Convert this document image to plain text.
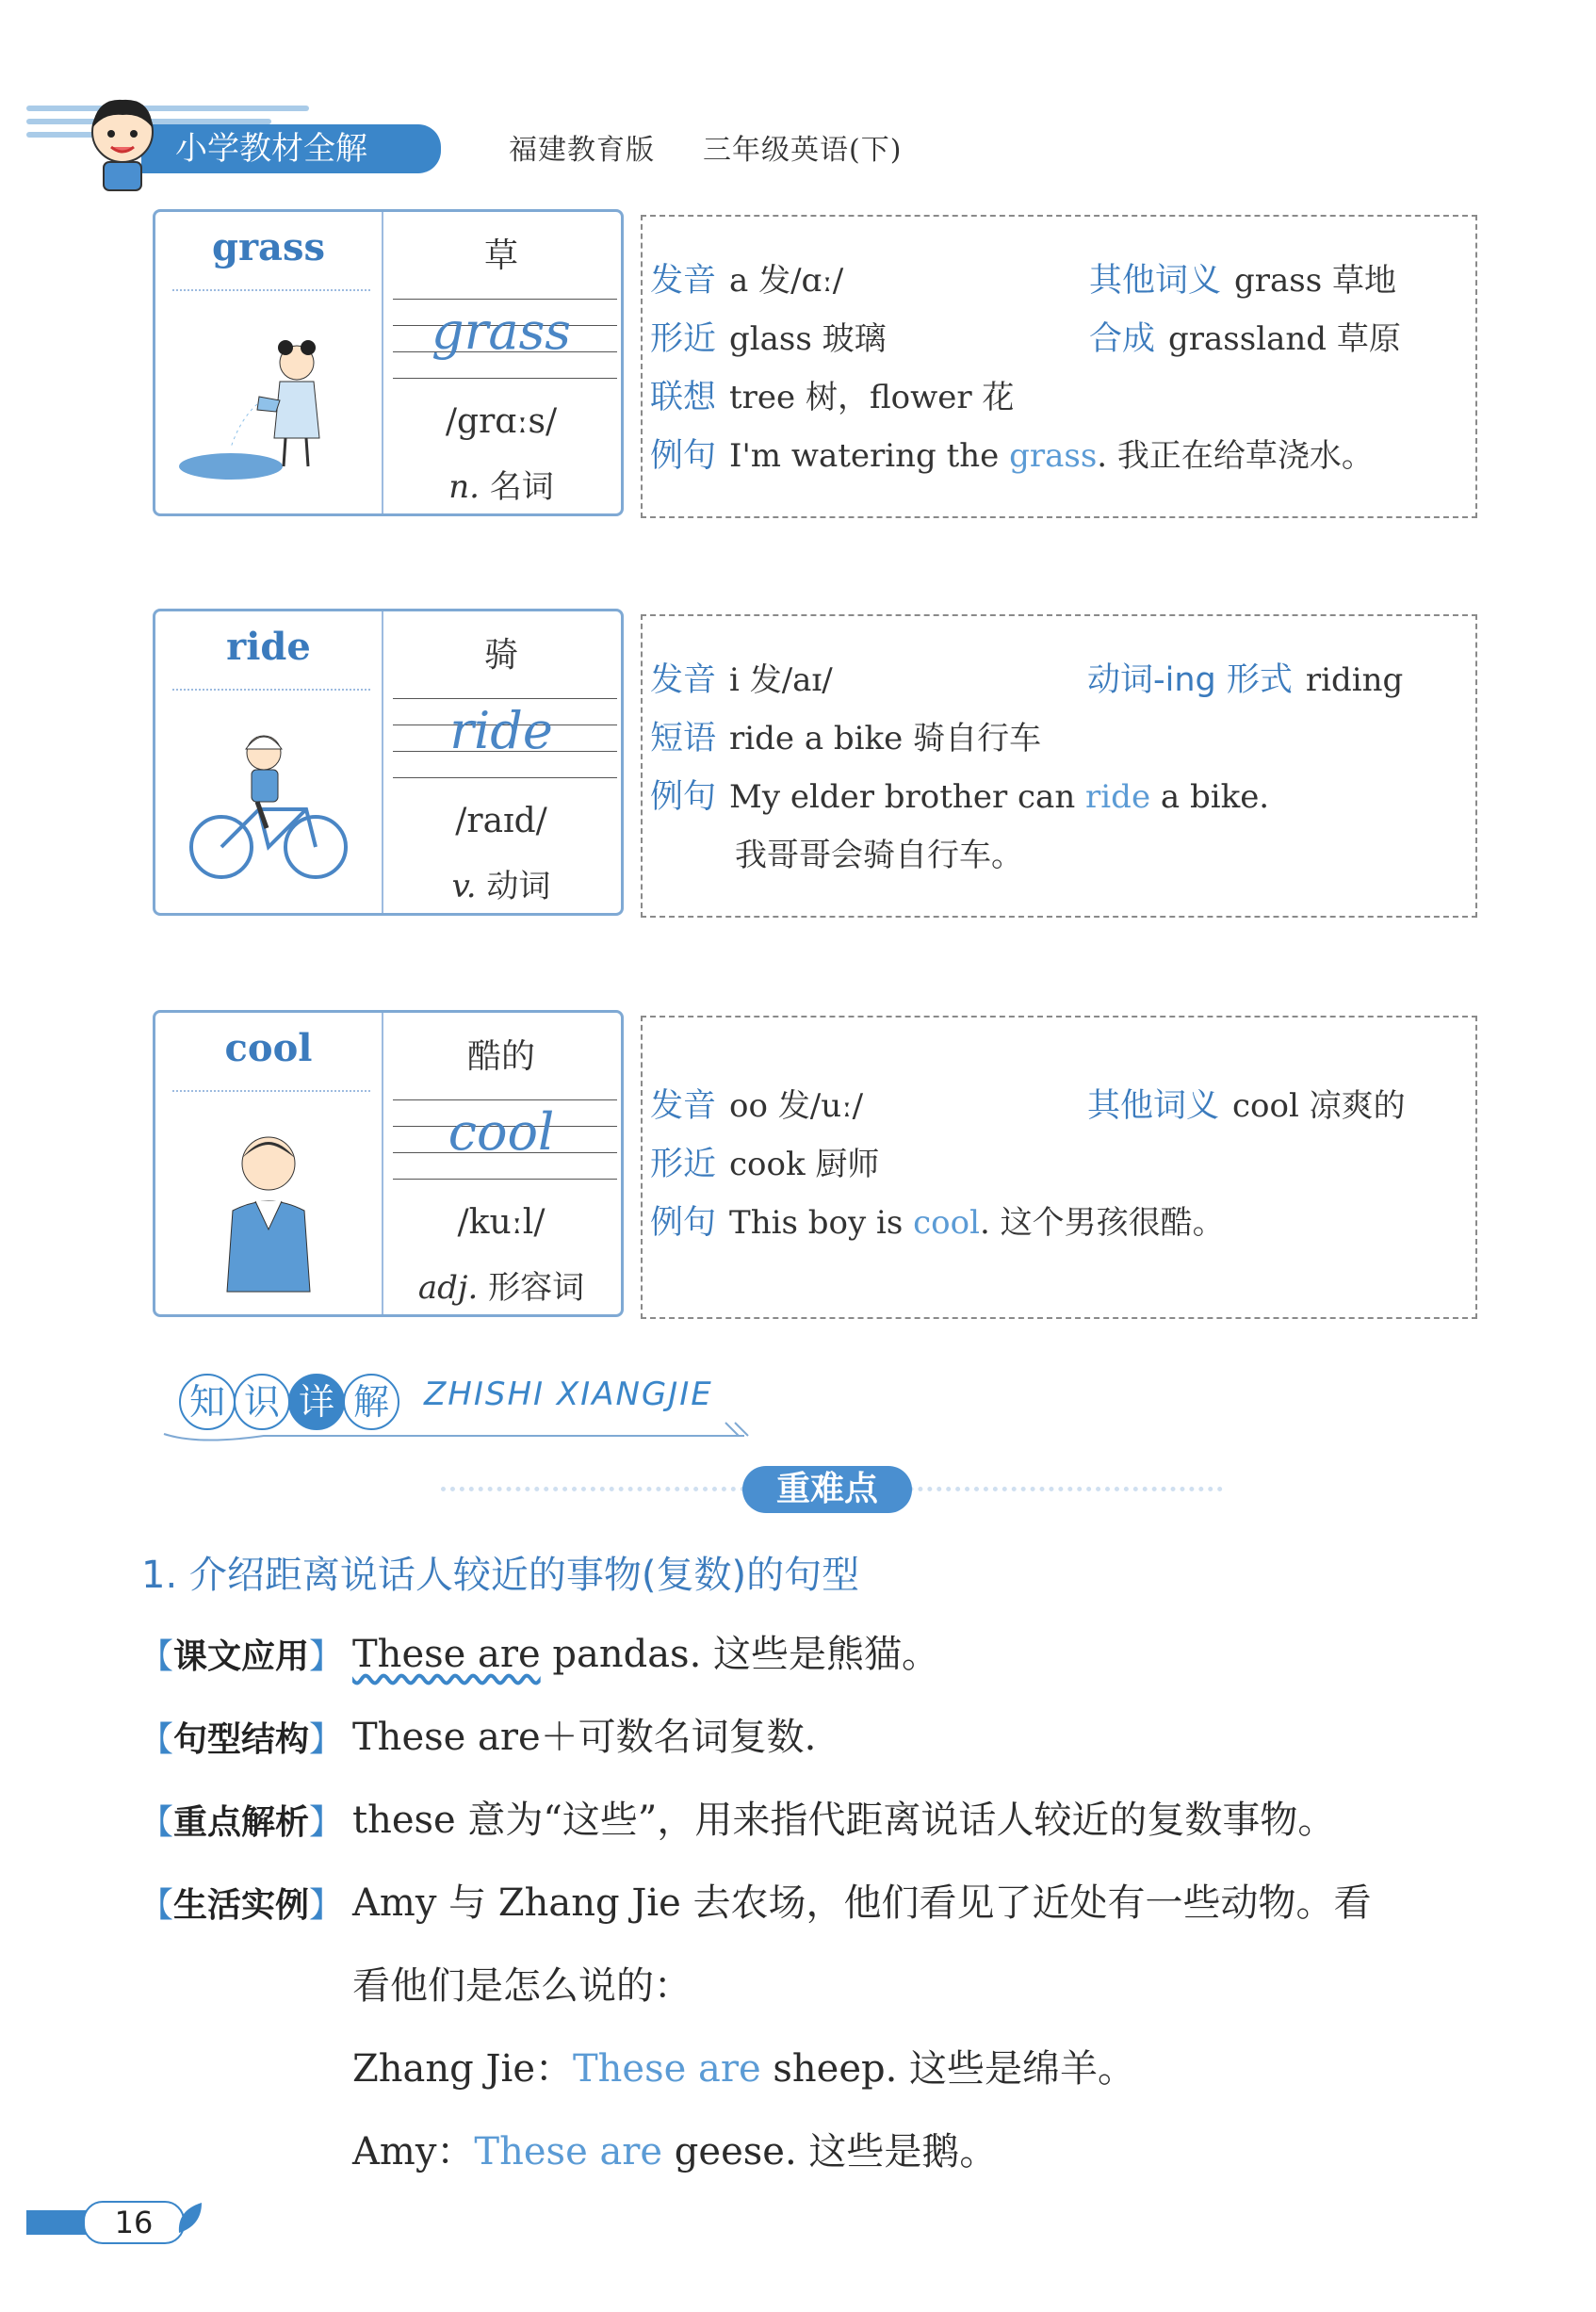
小学教材全解	福建教育版 三年级英语(下)
grass	草
grass
/grɑːs/
n. 名词
发音 a 发/ɑː/	其他词义 grass 草地
形近 glass 玻璃	合成 grassland 草原
联想 tree 树，flower 花
例句 I'm watering the grass. 我正在给草浇水。
ride	骑
ride
/raɪd/
v. 动词
发音 i 发/aɪ/	动词-ing 形式 riding
短语 ride a bike 骑自行车
例句 My elder brother can ride a bike.
我哥哥会骑自行车。
cool	酷的
cool
/kuːl/
adj. 形容词
发音 oo 发/uː/	其他词义 cool 凉爽的
形近 cook 厨师
例句 This boy is cool. 这个男孩很酷。
知 识 详 解	ZHISHI XIANGJIE
重难点
1. 介绍距离说话人较近的事物(复数)的句型
【课文应用】 These are pandas. 这些是熊猫。
【句型结构】 These are＋可数名词复数.
【重点解析】 these 意为“这些”，用来指代距离说话人较近的复数事物。
【生活实例】 Amy 与 Zhang Jie 去农场，他们看见了近处有一些动物。看
看他们是怎么说的：
Zhang Jie：These are sheep. 这些是绵羊。
Amy：These are geese. 这些是鹅。
16
